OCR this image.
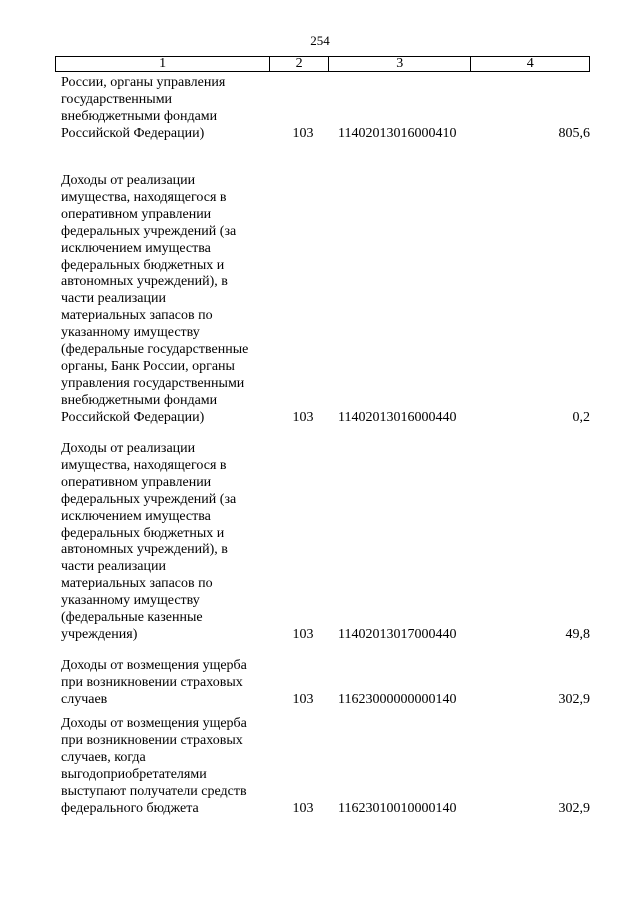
254
1	2	3	4
России, органы управления
государственными
внебюджетными фондами
Российской Федерации)	103	11402013016000410	805,6
Доходы от реализации
имущества, находящегося в
оперативном управлении
федеральных учреждений (за
исключением имущества
федеральных бюджетных и
автономных учреждений), в
части реализации
материальных запасов по
указанному имуществу
(федеральные государственные
органы, Банк России, органы
управления государственными
внебюджетными фондами
Российской Федерации)	103	11402013016000440	0,2
Доходы от реализации
имущества, находящегося в
оперативном управлении
федеральных учреждений (за
исключением имущества
федеральных бюджетных и
автономных учреждений), в
части реализации
материальных запасов по
указанному имуществу
(федеральные казенные
учреждения)	103	11402013017000440	49,8
Доходы от возмещения ущерба
при возникновении страховых
случаев	103	11623000000000140	302,9
Доходы от возмещения ущерба
при возникновении страховых
случаев, когда
выгодоприобретателями
выступают получатели средств
федерального бюджета	103	11623010010000140	302,9
